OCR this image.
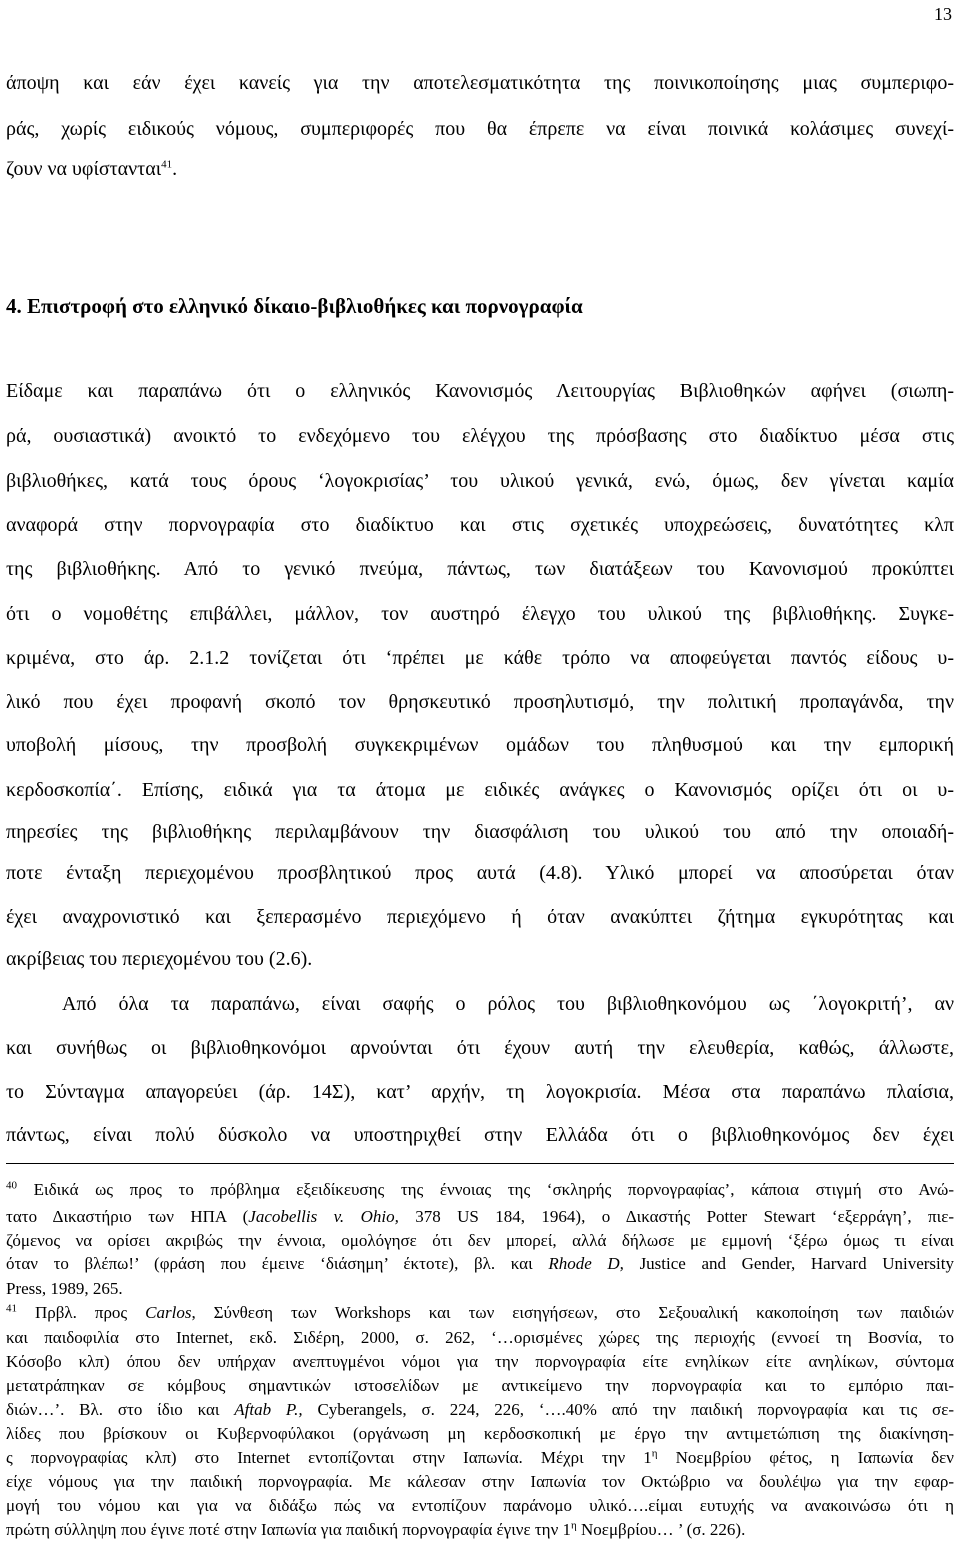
13
άποψη και εάν έχει κανείς για την αποτελεσματικότητα της ποινικοποίησης μιας συμπεριφο-
ράς, χωρίς ειδικούς νόμους, συμπεριφορές που θα έπρεπε να είναι ποινικά κολάσιμες συνεχί-
ζουν να υφίστανται$^{41}$.
4. Επιστροφή στο ελληνικό δίκαιο-βιβλιοθήκες και πορνογραφία
Είδαμε και παραπάνω ότι ο ελληνικός Κανονισμός Λειτουργίας Βιβλιοθηκών αφήνει (σιωπη-
ρά, ουσιαστικά) ανοικτό το ενδεχόμενο του ελέγχου της πρόσβασης στο διαδίκτυο μέσα στις
βιβλιοθήκες, κατά τους όρους ‘λογοκρισίας’ του υλικού γενικά, ενώ, όμως, δεν γίνεται καμία
αναφορά στην πορνογραφία στο διαδίκτυο και στις σχετικές υποχρεώσεις, δυνατότητες κλπ
της βιβλιοθήκης. Από το γενικό πνεύμα, πάντως, των διατάξεων του Κανονισμού προκύπτει
ότι ο νομοθέτης επιβάλλει, μάλλον, τον αυστηρό έλεγχο του υλικού της βιβλιοθήκης. Συγκε-
κριμένα, στο άρ. 2.1.2 τονίζεται ότι ‘πρέπει με κάθε τρόπο να αποφεύγεται παντός είδους υ-
λικό που έχει προφανή σκοπό τον θρησκευτικό προσηλυτισμό, την πολιτική προπαγάνδα, την
υποβολή μίσους, την προσβολή συγκεκριμένων ομάδων του πληθυσμού και την εμπορική
κερδοσκοπία΄. Επίσης, ειδικά για τα άτομα με ειδικές ανάγκες ο Κανονισμός ορίζει ότι οι υ-
πηρεσίες της βιβλιοθήκης περιλαμβάνουν την διασφάλιση του υλικού του από την οποιαδή-
ποτε ένταξη περιεχομένου προσβλητικού προς αυτά (4.8). Υλικό μπορεί να αποσύρεται όταν
έχει αναχρονιστικό και ξεπερασμένο περιεχόμενο ή όταν ανακύπτει ζήτημα εγκυρότητας και
ακρίβειας του περιεχομένου του (2.6).
Από όλα τα παραπάνω, είναι σαφής ο ρόλος του βιβλιοθηκονόμου ως ΄λογοκριτή’, αν
και συνήθως οι βιβλιοθηκονόμοι αρνούνται ότι έχουν αυτή την ελευθερία, καθώς, άλλωστε,
το Σύνταγμα απαγορεύει (άρ. 14Σ), κατ’ αρχήν, τη λογοκρισία. Μέσα στα παραπάνω πλαίσια,
πάντως, είναι πολύ δύσκολο να υποστηριχθεί στην Ελλάδα ότι ο βιβλιοθηκονόμος δεν έχει
$^{40}$ Ειδικά ως προς το πρόβλημα εξειδίκευσης της έννοιας της ‘σκληρής πορνογραφίας’, κάποια στιγμή στο Ανώ-
τατο Δικαστήριο των ΗΠΑ (Jacobellis v. Ohio, 378 US 184, 1964), ο Δικαστής Potter Stewart ‘εξερράγη’, πιε-
ζόμενος να ορίσει ακριβώς την έννοια, ομολόγησε ότι δεν μπορεί, αλλά δήλωσε με εμμονή ‘ξέρω όμως τι είναι
όταν το βλέπω!’ (φράση που έμεινε ‘διάσημη’ έκτοτε), βλ. και Rhode D, Justice and Gender, Harvard University
Press, 1989, 265.
$^{41}$ Πρβλ. προς Carlos, Σύνθεση των Workshops και των εισηγήσεων, στο Σεξουαλική κακοποίηση των παιδιών
και παιδοφιλία στο Internet, εκδ. Σιδέρη, 2000, σ. 262, ‘…ορισμένες χώρες της περιοχής (εννοεί τη Βοσνία, το
Κόσοβο κλπ) όπου δεν υπήρχαν ανεπτυγμένοι νόμοι για την πορνογραφία είτε ενηλίκων είτε ανηλίκων, σύντομα
μετατράπηκαν σε κόμβους σημαντικών ιστοσελίδων με αντικείμενο την πορνογραφία και το εμπόριο παι-
διών…’. Βλ. στο ίδιο και Aftab P., Cyberangels, σ. 224, 226, ‘….40% από την παιδική πορνογραφία και τις σε-
λίδες που βρίσκουν οι Κυβερνοφύλακοι (οργάνωση μη κερδοσκοπική με έργο την αντιμετώπιση της διακίνηση-
ς πορνογραφίας κλπ) στο Internet εντοπίζονται στην Ιαπωνία. Μέχρι την $1^\eta$ Νοεμβρίου φέτος, η Ιαπωνία δεν
είχε νόμους για την παιδική πορνογραφία. Με κάλεσαν στην Ιαπωνία τον Οκτώβριο να δουλέψω για την εφαρ-
μογή του νόμου και για να διδάξω πώς να εντοπίζουν παράνομο υλικό….είμαι ευτυχής να ανακοινώσω ότι η
πρώτη σύλληψη που έγινε ποτέ στην Ιαπωνία για παιδική πορνογραφία έγινε την $1^\eta$ Νοεμβρίου… ’ (σ. 226).
